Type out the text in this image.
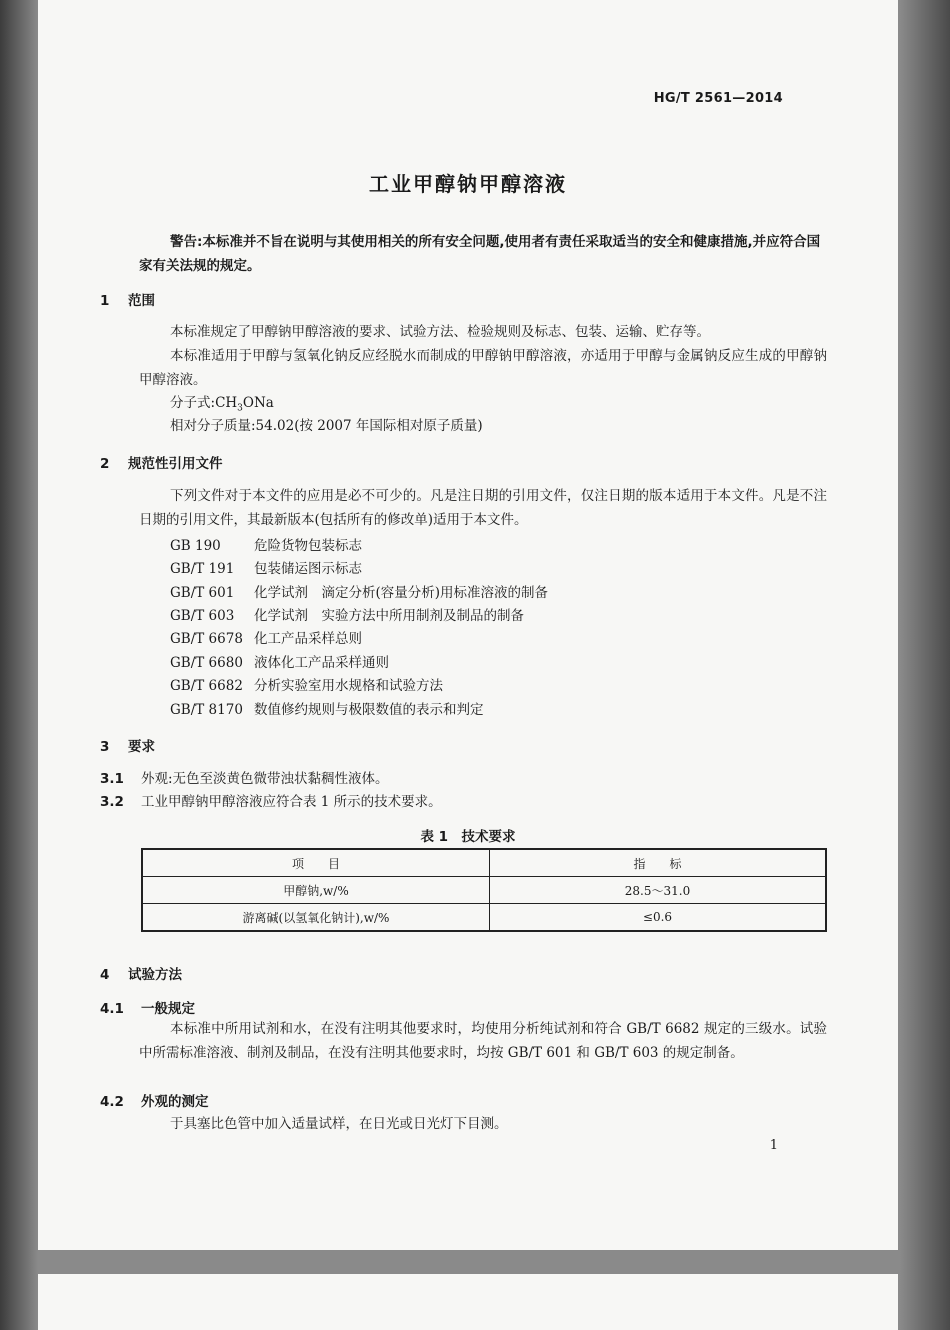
HG/T 2561—2014
工业甲醇钠甲醇溶液
警告:本标准并不旨在说明与其使用相关的所有安全问题,使用者有责任采取适当的安全和健康措施,并应符合国家有关法规的规定。
1 范围
本标准规定了甲醇钠甲醇溶液的要求、试验方法、检验规则及标志、包装、运输、贮存等。
本标准适用于甲醇与氢氧化钠反应经脱水而制成的甲醇钠甲醇溶液，亦适用于甲醇与金属钠反应生成的甲醇钠甲醇溶液。
分子式$:CH_3ONa$
相对分子质量:54.02(按 2007 年国际相对原子质量)
2 规范性引用文件
下列文件对于本文件的应用是必不可少的。凡是注日期的引用文件，仅注日期的版本适用于本文件。凡是不注日期的引用文件，其最新版本(包括所有的修改单)适用于本文件。
GB 190 危险货物包装标志
GB/T 191 包装储运图示标志
GB/T 601 化学试剂　滴定分析(容量分析)用标准溶液的制备
GB/T 603 化学试剂　实验方法中所用制剂及制品的制备
GB/T 6678 化工产品采样总则
GB/T 6680 液体化工产品采样通则
GB/T 6682 分析实验室用水规格和试验方法
GB/T 8170 数值修约规则与极限数值的表示和判定
3 要求
3.1 外观:无色至淡黄色微带浊状黏稠性液体。
3.2 工业甲醇钠甲醇溶液应符合表 1 所示的技术要求。
表 1　技术要求
项　　目	指　　标
甲醇钠,w/%	28.5～31.0
游离碱(以氢氧化钠计),w/%	≤0.6
4 试验方法
4.1 一般规定
本标准中所用试剂和水，在没有注明其他要求时，均使用分析纯试剂和符合 GB/T 6682 规定的三级水。试验中所需标准溶液、制剂及制品，在没有注明其他要求时，均按 GB/T 601 和 GB/T 603 的规定制备。
4.2 外观的测定
于具塞比色管中加入适量试样，在日光或日光灯下目测。
1
